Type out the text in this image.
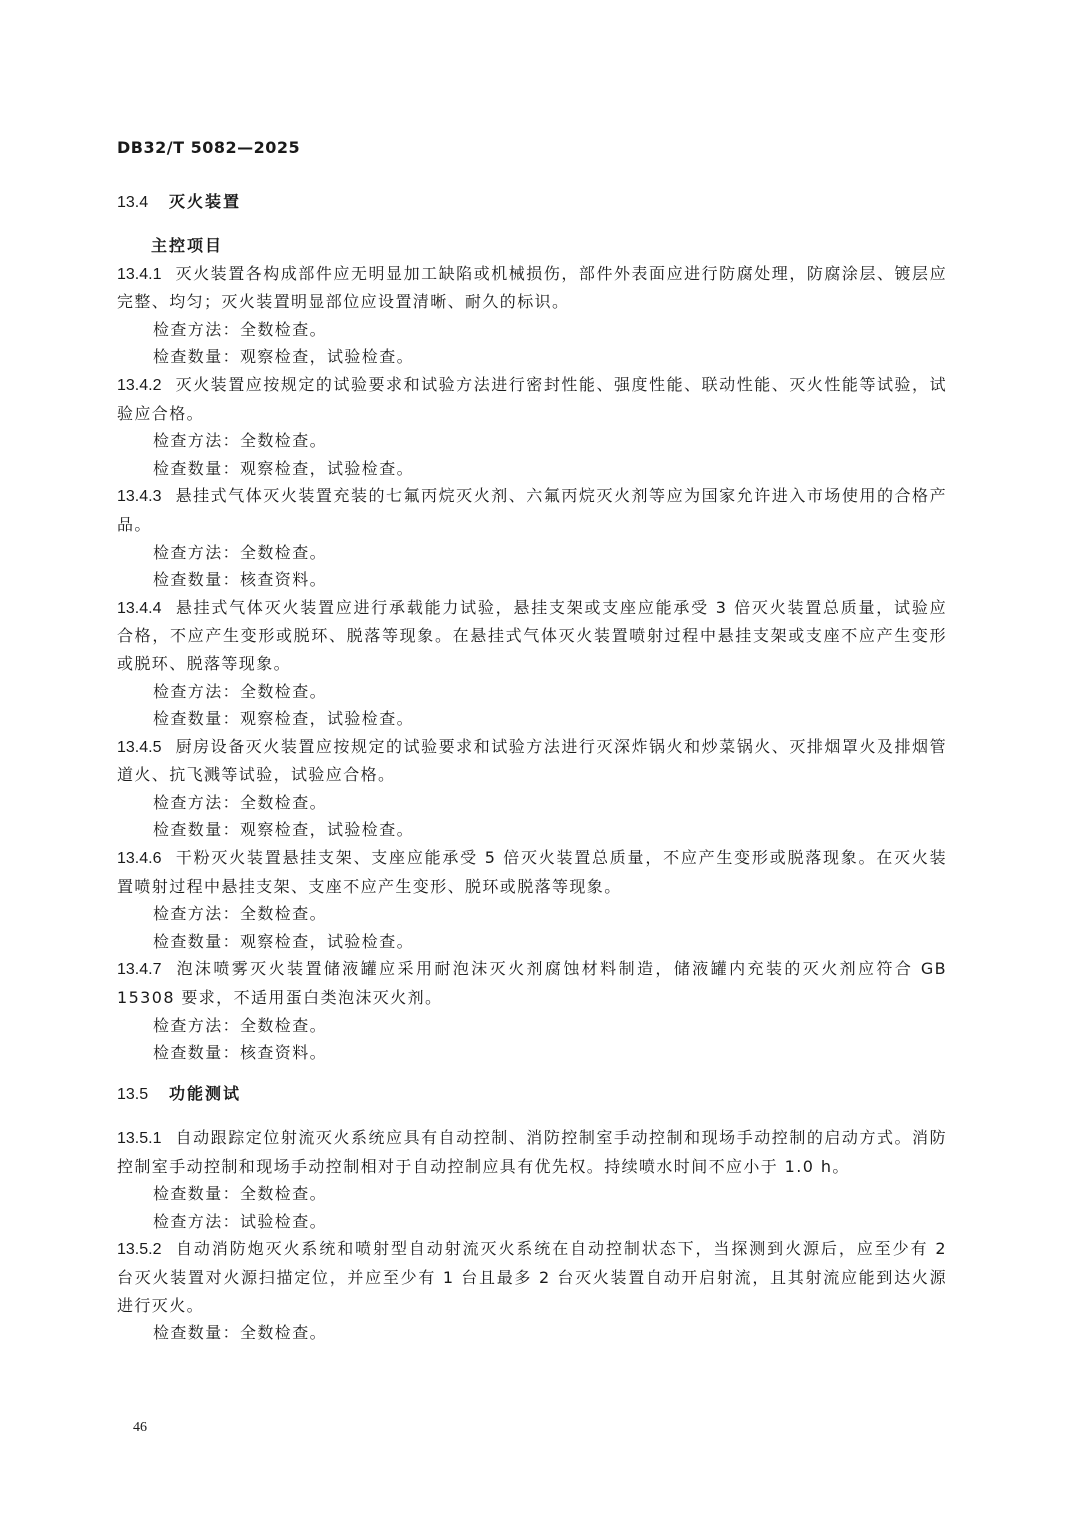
DB32/T 5082—2025
13.4 灭火装置
主控项目
13.4.1 灭火装置各构成部件应无明显加工缺陷或机械损伤，部件外表面应进行防腐处理，防腐涂层、镀层应完整、均匀；灭火装置明显部位应设置清晰、耐久的标识。
检查方法：全数检查。
检查数量：观察检查，试验检查。
13.4.2 灭火装置应按规定的试验要求和试验方法进行密封性能、强度性能、联动性能、灭火性能等试验，试验应合格。
检查方法：全数检查。
检查数量：观察检查，试验检查。
13.4.3 悬挂式气体灭火装置充装的七氟丙烷灭火剂、六氟丙烷灭火剂等应为国家允许进入市场使用的合格产品。
检查方法：全数检查。
检查数量：核查资料。
13.4.4 悬挂式气体灭火装置应进行承载能力试验，悬挂支架或支座应能承受 3 倍灭火装置总质量，试验应合格，不应产生变形或脱环、脱落等现象。在悬挂式气体灭火装置喷射过程中悬挂支架或支座不应产生变形或脱环、脱落等现象。
检查方法：全数检查。
检查数量：观察检查，试验检查。
13.4.5 厨房设备灭火装置应按规定的试验要求和试验方法进行灭深炸锅火和炒菜锅火、灭排烟罩火及排烟管道火、抗飞溅等试验，试验应合格。
检查方法：全数检查。
检查数量：观察检查，试验检查。
13.4.6 干粉灭火装置悬挂支架、支座应能承受 5 倍灭火装置总质量，不应产生变形或脱落现象。在灭火装置喷射过程中悬挂支架、支座不应产生变形、脱环或脱落等现象。
检查方法：全数检查。
检查数量：观察检查，试验检查。
13.4.7 泡沫喷雾灭火装置储液罐应采用耐泡沫灭火剂腐蚀材料制造，储液罐内充装的灭火剂应符合 GB 15308 要求，不适用蛋白类泡沫灭火剂。
检查方法：全数检查。
检查数量：核查资料。
13.5 功能测试
13.5.1 自动跟踪定位射流灭火系统应具有自动控制、消防控制室手动控制和现场手动控制的启动方式。消防控制室手动控制和现场手动控制相对于自动控制应具有优先权。持续喷水时间不应小于 1.0 h。
检查数量：全数检查。
检查方法：试验检查。
13.5.2 自动消防炮灭火系统和喷射型自动射流灭火系统在自动控制状态下，当探测到火源后，应至少有 2 台灭火装置对火源扫描定位，并应至少有 1 台且最多 2 台灭火装置自动开启射流，且其射流应能到达火源进行灭火。
检查数量：全数检查。
46
